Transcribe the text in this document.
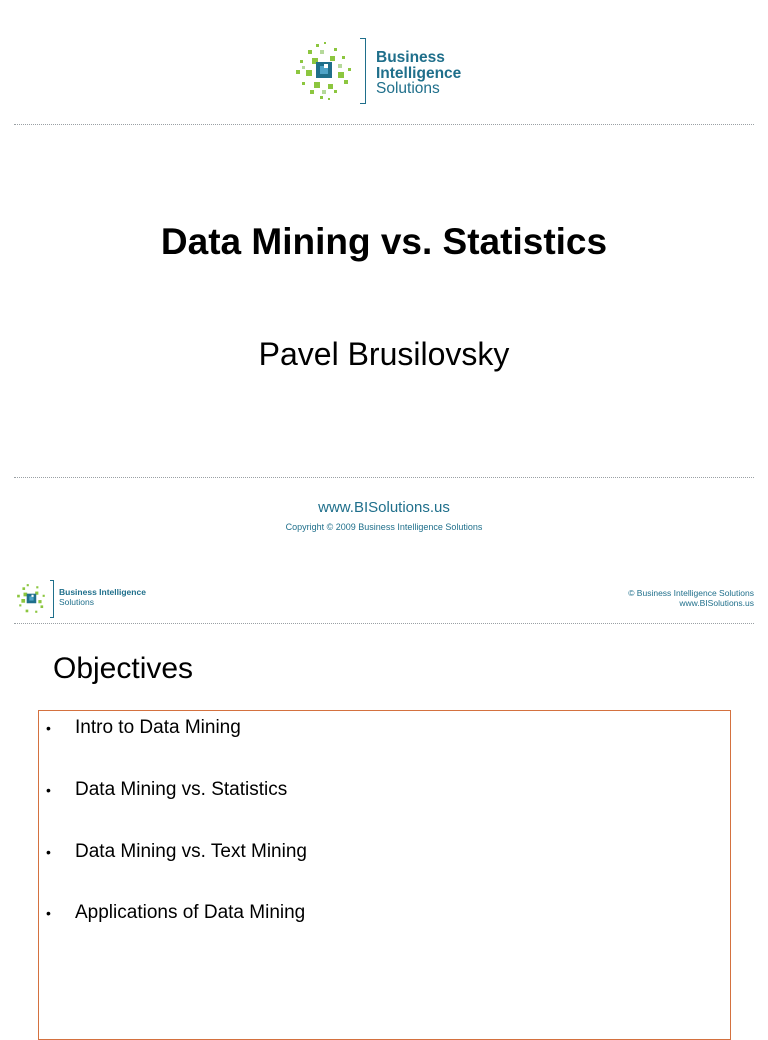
Business
Intelligence
Solutions
Data Mining vs. Statistics
Pavel Brusilovsky
www.BISolutions.us
Copyright © 2009 Business Intelligence Solutions
Business Intelligence
Solutions
© Business Intelligence Solutions
www.BISolutions.us
Objectives
• Intro to Data Mining
• Data Mining vs. Statistics
• Data Mining vs. Text Mining
• Applications of Data Mining
